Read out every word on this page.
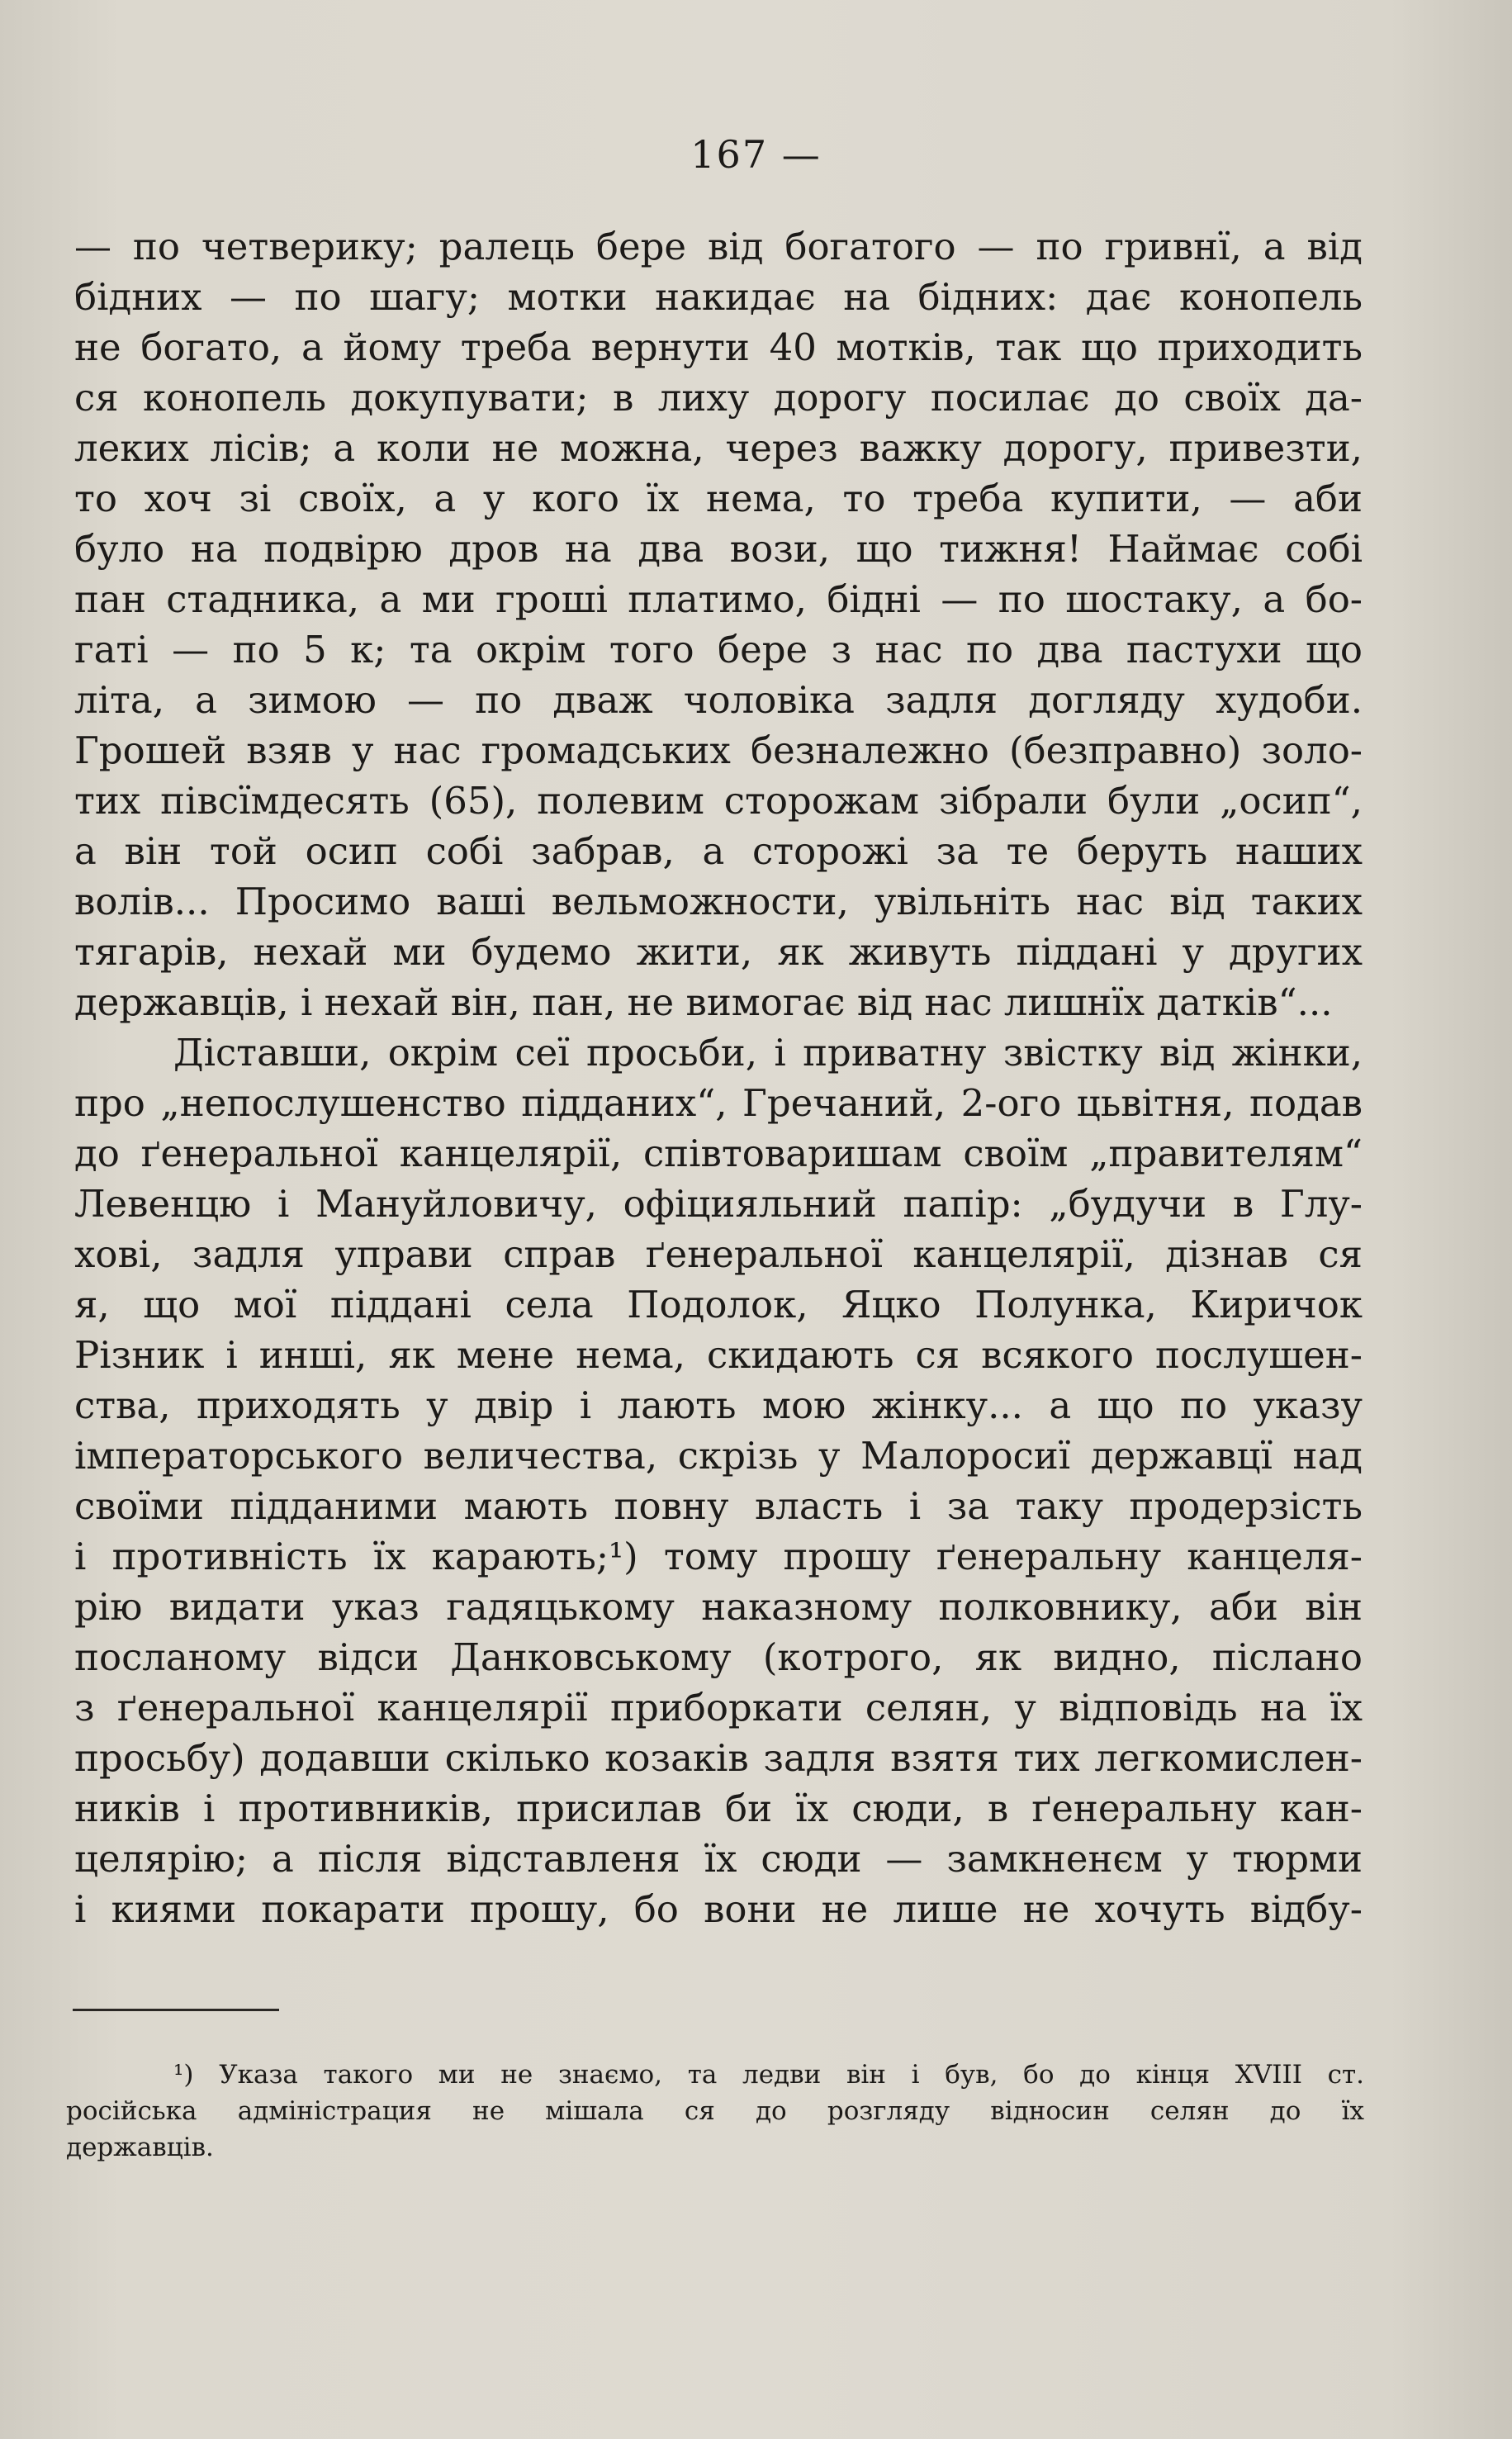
167 —
— по четверику; ралець бере від богатого — по гривнї, а від
бідних — по шагу; мотки накидає на бідних: дає конопель
не богато, а йому треба вернути 40 мотків, так що приходить
ся конопель докупувати; в лиху дорогу посилає до своїх да-
леких лісів; а коли не можна, через важку дорогу, привезти,
то хоч зі своїх, а у кого їх нема, то треба купити, — аби
було на подвірю дров на два вози, що тижня! Наймає собі
пан стадника, а ми гроші платимо, бідні — по шостаку, а бо-
гаті — по 5 к; та окрім того бере з нас по два пастухи що
літа, а зимою — по дваж чоловіка задля догляду худоби.
Грошей взяв у нас громадських безналежно (безправно) золо-
тих півсїмдесять (65), полевим сторожам зібрали були „осип“,
а він той осип собі забрав, а сторожі за те беруть наших
волів... Просимо ваші вельможности, увільніть нас від таких
тягарів, нехай ми будемо жити, як живуть піддані у других
державців, і нехай він, пан, не вимогає від нас лишнїх датків“...
Діставши, окрім сеї просьби, і приватну звістку від жінки,
про „непослушенство підданих“, Гречаний, 2-ого цьвітня, подав
до ґенеральної канцелярії, співтоваришам своїм „правителям“
Левенцю і Мануйловичу, офіцияльний папір: „будучи в Глу-
хові, задля управи справ ґенеральної канцелярії, дізнав ся
я, що мої піддані села Подолок, Яцко Полунка, Киричок
Різник і инші, як мене нема, скидають ся всякого послушен-
ства, приходять у двір і лають мою жінку... а що по указу
імператорського величества, скрізь у Малоросиї державцї над
своїми підданими мають повну власть і за таку продерзість
і противність їх карають;¹) тому прошу ґенеральну канцеля-
рію видати указ гадяцькому наказному полковнику, аби він
посланому відси Данковському (котрого, як видно, післано
з ґенеральної канцелярії приборкати селян, у відповідь на їх
просьбу) додавши скілько козаків задля взятя тих легкомислен-
ників і противників, присилав би їх сюди, в ґенеральну кан-
целярію; а після відставленя їх сюди — замкненєм у тюрми
і киями покарати прошу, бо вони не лише не хочуть відбу-
¹) Указа такого ми не знаємо, та ледви він і був, бо до кінця XVIII ст.
російська адміністрация не мішала ся до розгляду відносин селян до їх
державців.
